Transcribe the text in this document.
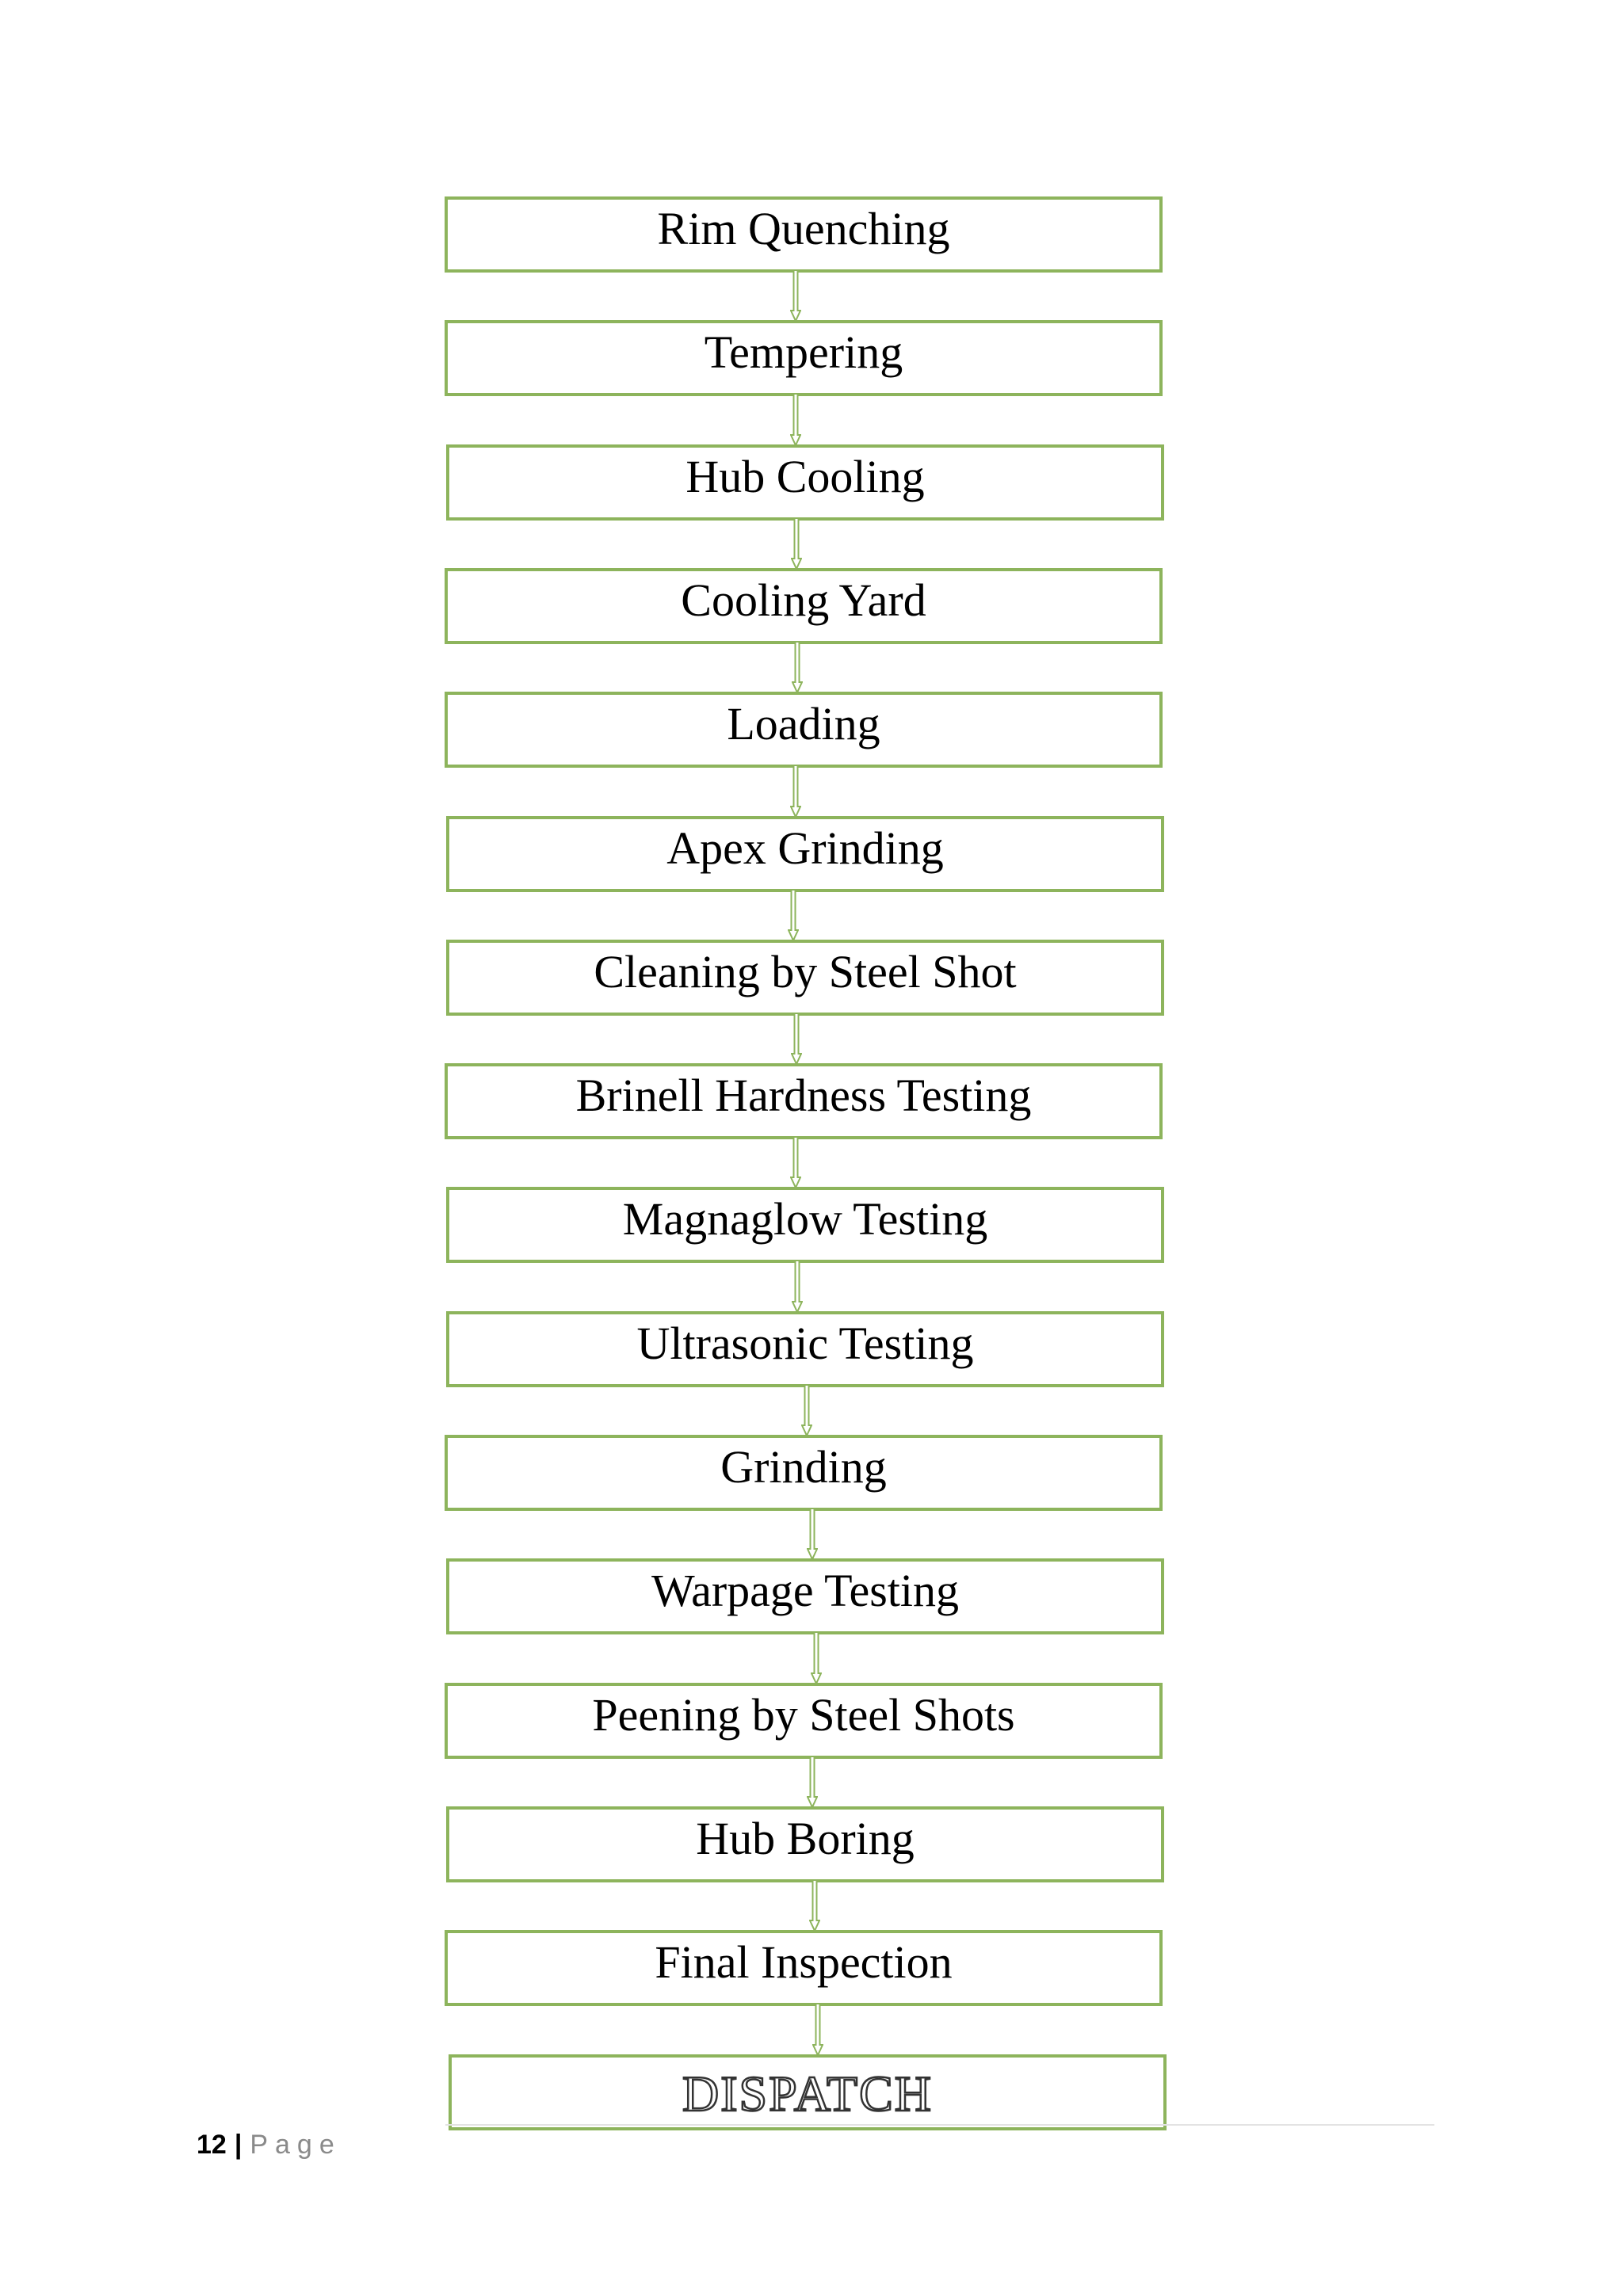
Rim Quenching
Tempering
Hub Cooling
Cooling Yard
Loading
Apex Grinding
Cleaning by Steel Shot
Brinell Hardness Testing
Magnaglow Testing
Ultrasonic Testing
Grinding
Warpage Testing
Peening by Steel Shots
Hub Boring
Final Inspection
DISPATCH
12 | Page
